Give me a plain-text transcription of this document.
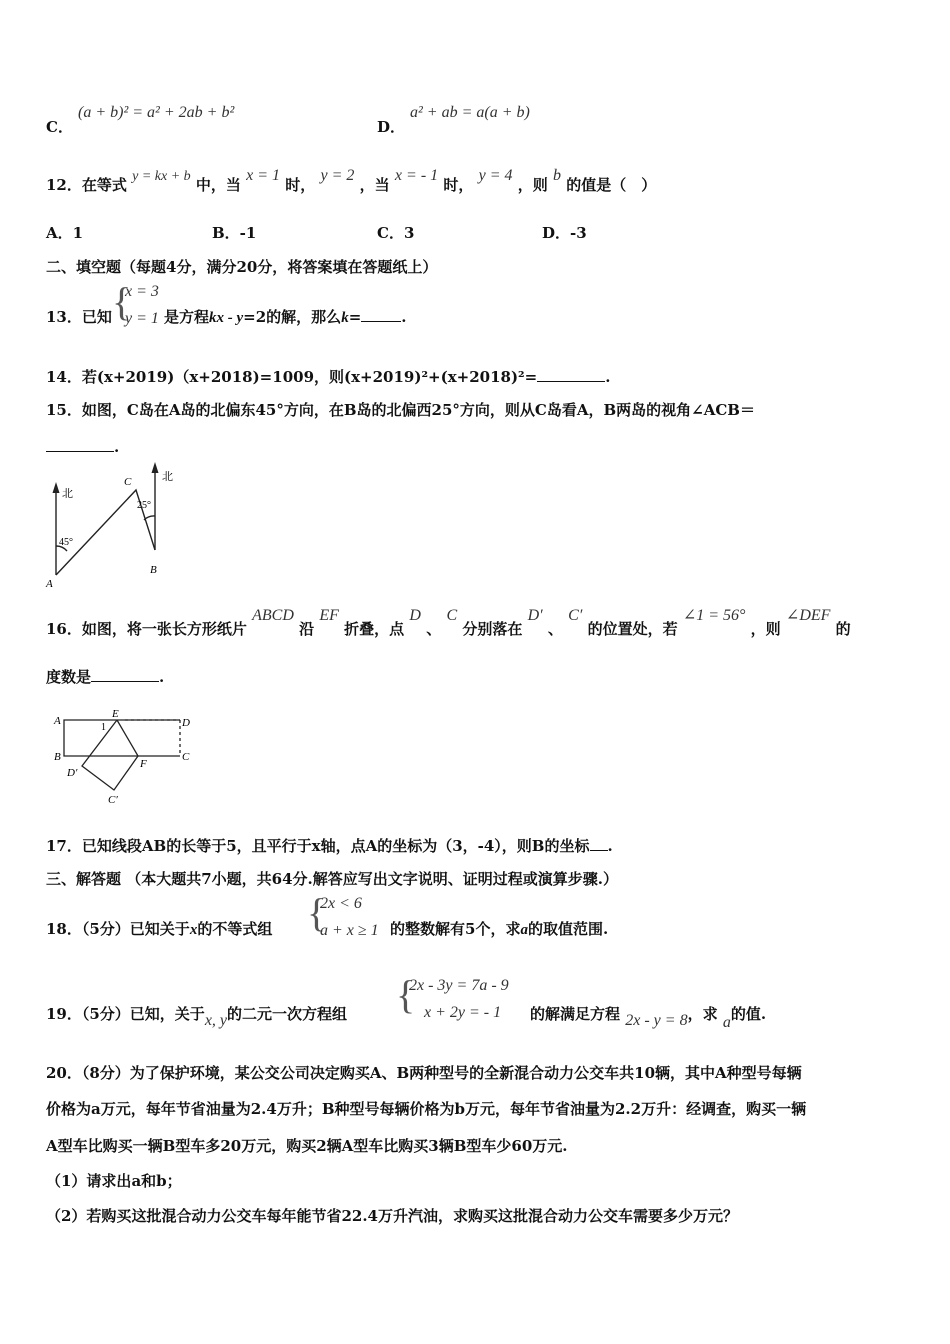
C．
(a + b)² = a² + 2ab + b²
D．
a² + ab = a(a + b)
12．在等式 y = kx + b 中，当 x = 1 时， y = 2 ，当 x = - 1 时， y = 4 ，则 b 的值是（　）
A．1	B．-1	C．3	D．-3
二、填空题（每题4分，满分20分，将答案填在答题纸上）
13．已知 {
x = 3
y = 1 是方程kx - y=2的解，那么k=	.
14．若(x+2019)（x+2018)=1009，则(x+2019)²+(x+2018)²=	.
15．如图，C岛在A岛的北偏东45°方向，在B岛的北偏西25°方向，则从C岛看A，B两岛的视角∠ACB＝
.
北
北
C
A
B
45°
25°
16．如图，将一张长方形纸片 ABCD 沿 EF 折叠，点 D 、 C 分别落在 D′ 、 C′ 的位置处，若 ∠1 = 56° ，则 ∠DEF 的
度数是	.
A
B
E
D
C
F
D′
C′
1
17．已知线段AB的长等于5，且平行于x轴，点A的坐标为（3，-4），则B的坐标 .
三、解答题 （本大题共7小题，共64分.解答应写出文字说明、证明过程或演算步骤.）
18．（5分）已知关于x的不等式组 {
2x < 6
a + x ≥ 1 的整数解有5个，求a的取值范围.
19．（5分）已知，关于x, y的二元一次方程组 {
2x - 3y = 7a - 9
x + 2y = - 1 的解满足方程 2x - y = 8，求 a的值.
20．（8分）为了保护环境，某公交公司决定购买A、B两种型号的全新混合动力公交车共10辆，其中A种型号每辆
价格为a万元，每年节省油量为2.4万升；B种型号每辆价格为b万元，每年节省油量为2.2万升：经调查，购买一辆
A型车比购买一辆B型车多20万元，购买2辆A型车比购买3辆B型车少60万元.
（1）请求出a和b；
（2）若购买这批混合动力公交车每年能节省22.4万升汽油，求购买这批混合动力公交车需要多少万元？
